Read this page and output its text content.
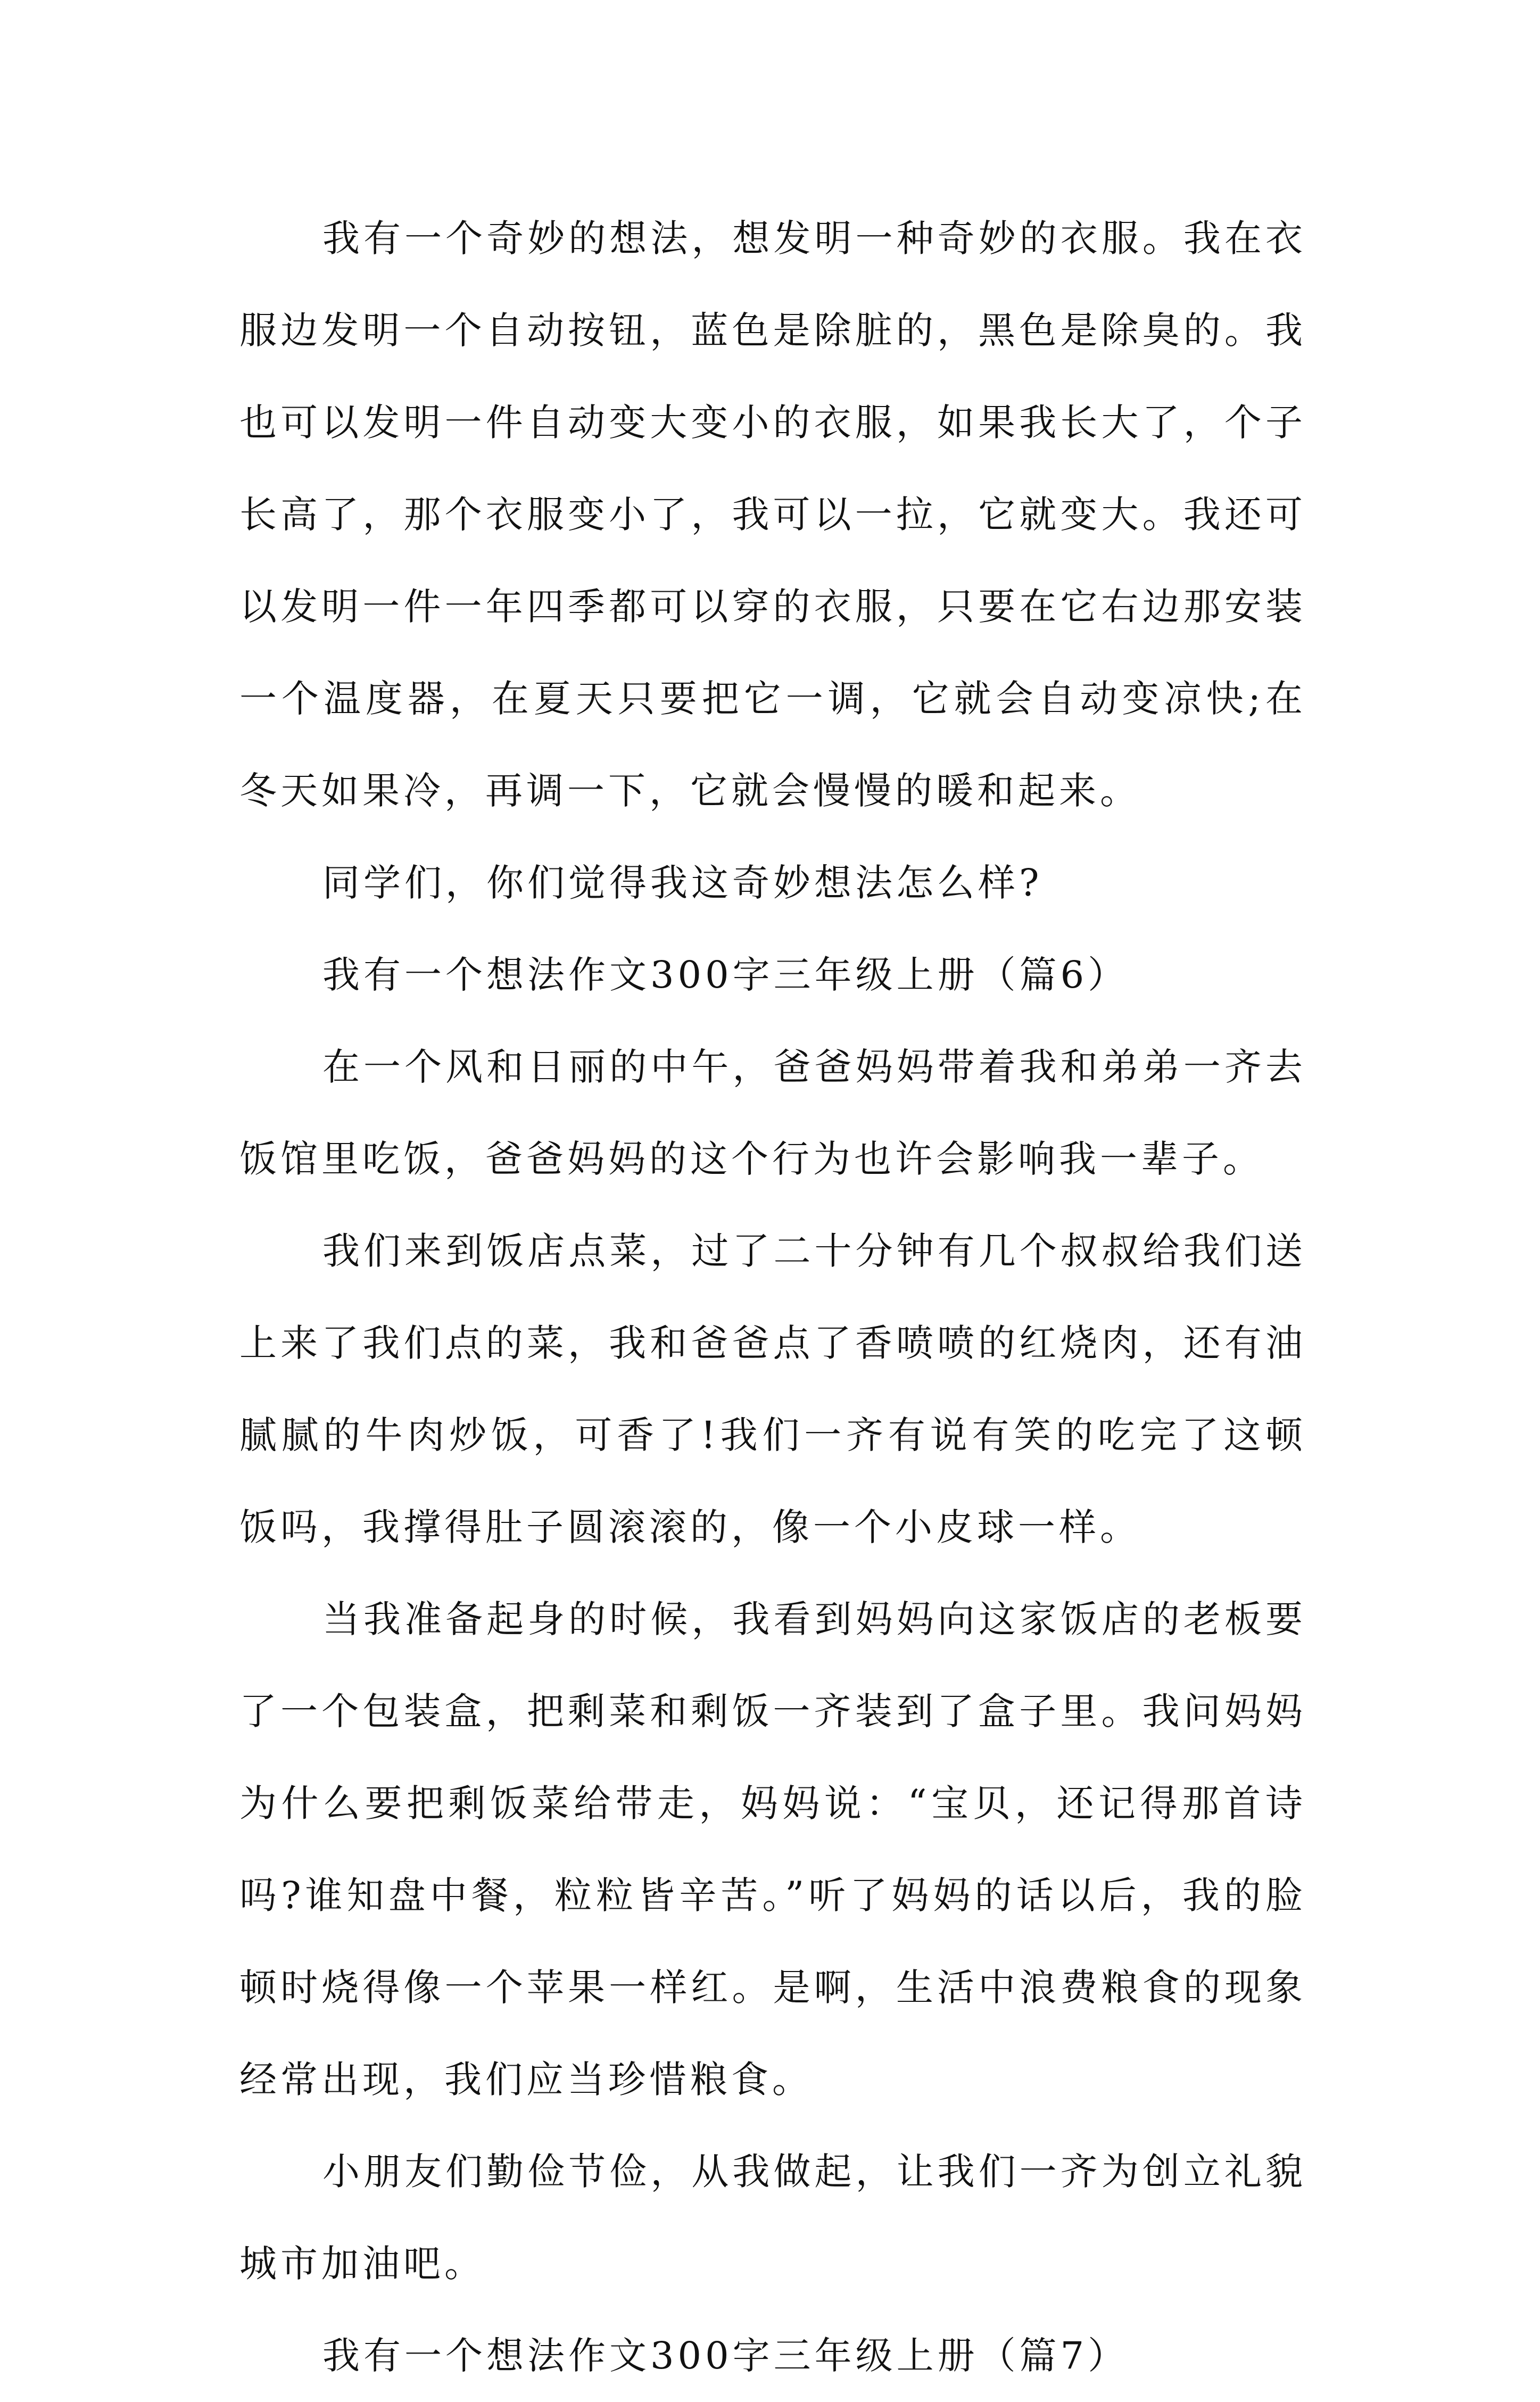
我有一个奇妙的想法，想发明一种奇妙的衣服。我在衣服边发明一个自动按钮，蓝色是除脏的，黑色是除臭的。我也可以发明一件自动变大变小的衣服，如果我长大了，个子长高了，那个衣服变小了，我可以一拉，它就变大。我还可以发明一件一年四季都可以穿的衣服，只要在它右边那安装一个温度器，在夏天只要把它一调，它就会自动变凉快;在冬天如果冷，再调一下，它就会慢慢的暖和起来。

同学们，你们觉得我这奇妙想法怎么样?

我有一个想法作文300字三年级上册（篇6）

在一个风和日丽的中午，爸爸妈妈带着我和弟弟一齐去饭馆里吃饭，爸爸妈妈的这个行为也许会影响我一辈子。

我们来到饭店点菜，过了二十分钟有几个叔叔给我们送上来了我们点的菜，我和爸爸点了香喷喷的红烧肉，还有油腻腻的牛肉炒饭，可香了!我们一齐有说有笑的吃完了这顿饭吗，我撑得肚子圆滚滚的，像一个小皮球一样。

当我准备起身的时候，我看到妈妈向这家饭店的老板要了一个包装盒，把剩菜和剩饭一齐装到了盒子里。我问妈妈为什么要把剩饭菜给带走，妈妈说：“宝贝，还记得那首诗吗?谁知盘中餐，粒粒皆辛苦。”听了妈妈的话以后，我的脸顿时烧得像一个苹果一样红。是啊，生活中浪费粮食的现象经常出现，我们应当珍惜粮食。

小朋友们勤俭节俭，从我做起，让我们一齐为创立礼貌城市加油吧。

我有一个想法作文300字三年级上册（篇7）
